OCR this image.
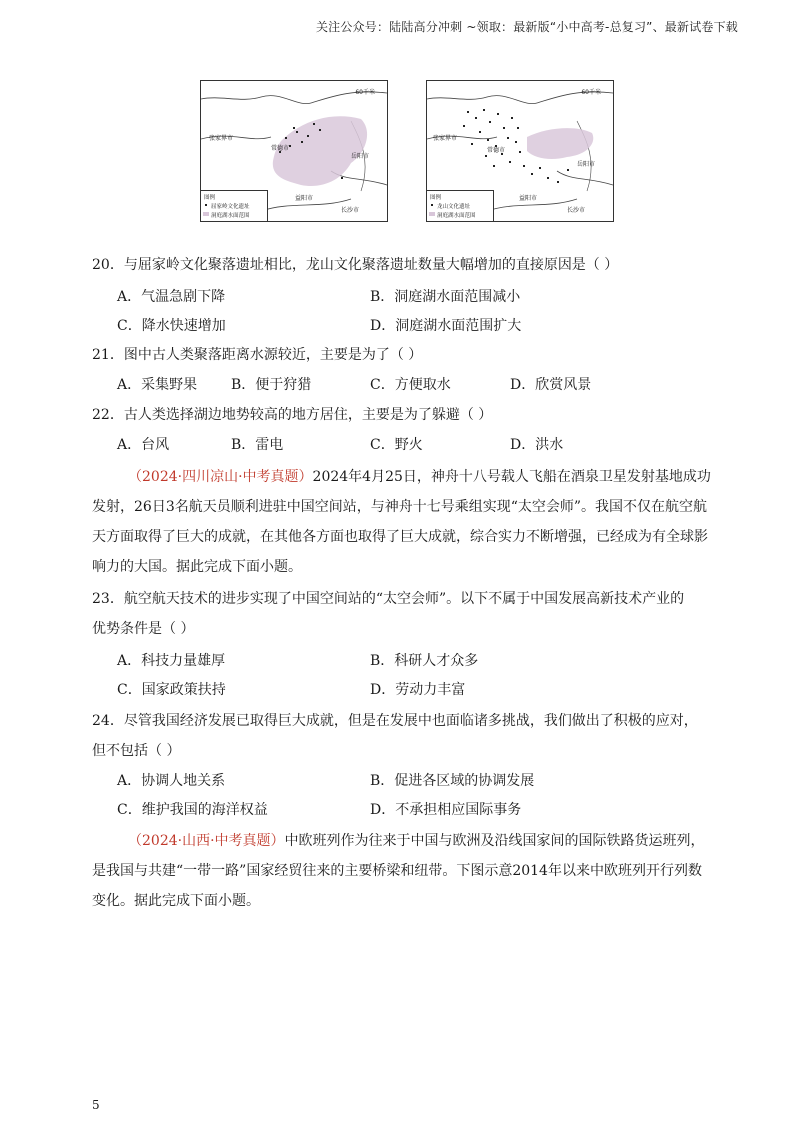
关注公众号：陆陆高分冲刺 ~领取：最新版“小中高考-总复习”、最新试卷下载
60千米
张家界市
常德市
岳阳市
益阳市
长沙市
图例
屈家岭文化遗址
洞庭湖水面范围
60千米
张家界市
常德市
岳阳市
益阳市
长沙市
图例
龙山文化遗址
洞庭湖水面范围
20．与屈家岭文化聚落遗址相比，龙山文化聚落遗址数量大幅增加的直接原因是（ ）
A．气温急剧下降	B．洞庭湖水面范围减小
C．降水快速增加	D．洞庭湖水面范围扩大
21．图中古人类聚落距离水源较近，主要是为了（ ）
A．采集野果 B．便于狩猎	C．方便取水	D．欣赏风景
22．古人类选择湖边地势较高的地方居住，主要是为了躲避（ ）
A．台风	B．雷电	C．野火	D．洪水
（2024·四川凉山·中考真题）2024年4月25日，神舟十八号载人飞船在酒泉卫星发射基地成功发射，26日3名航天员顺利进驻中国空间站，与神舟十七号乘组实现“太空会师”。我国不仅在航空航天方面取得了巨大的成就，在其他各方面也取得了巨大成就，综合实力不断增强，已经成为有全球影响力的大国。据此完成下面小题。
23．航空航天技术的进步实现了中国空间站的“太空会师”。以下不属于中国发展高新技术产业的
优势条件是（ ）
A．科技力量雄厚	B．科研人才众多
C．国家政策扶持	D．劳动力丰富
24．尽管我国经济发展已取得巨大成就，但是在发展中也面临诸多挑战，我们做出了积极的应对，
但不包括（ ）
A．协调人地关系	B．促进各区域的协调发展
C．维护我国的海洋权益	D．不承担相应国际事务
（2024·山西·中考真题）中欧班列作为往来于中国与欧洲及沿线国家间的国际铁路货运班列，是我国与共建“一带一路”国家经贸往来的主要桥梁和纽带。下图示意2014年以来中欧班列开行列数变化。据此完成下面小题。
5
